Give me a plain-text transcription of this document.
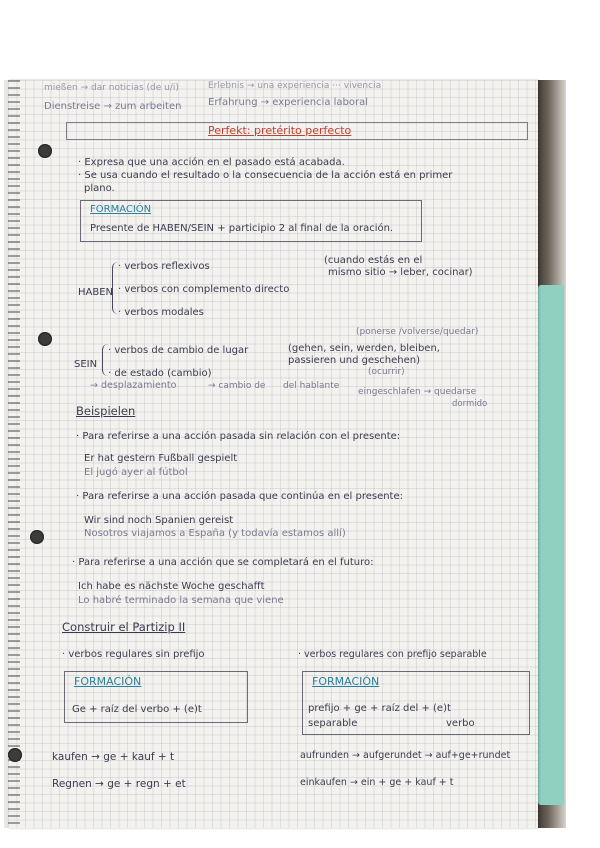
mießen → dar noticias (de u/i)	Erlebnis → una experiencia ··· vivencia
Dienstreise → zum arbeiten	Erfahrung → experiencia laboral
Perfekt: pretérito perfecto
· Expresa que una acción en el pasado está acabada.
· Se usa cuando el resultado o la consecuencia de la acción está en primer
plano.
FORMACIÓN
Presente de HABEN/SEIN + participio 2 al final de la oración.
HABEN
· verbos reflexivos
· verbos con complemento directo
· verbos modales
(cuando estás en el
mismo sitio → leber, cocinar)
(ponerse /volverse/quedar)
SEIN
· verbos de cambio de lugar
· de estado (cambio)
(gehen, sein, werden, bleiben,
passieren und geschehen)
(ocurrir)
→ desplazamiento	→ cambio de del hablante
eingeschlafen → quedarse
dormido
Beispielen
· Para referirse a una acción pasada sin relación con el presente:
Er hat gestern Fußball gespielt
El jugó ayer al fútbol
· Para referirse a una acción pasada que continúa en el presente:
Wir sind noch Spanien gereist
Nosotros viajamos a España (y todavía estamos allí)
· Para referirse a una acción que se completará en el futuro:
Ich habe es nächste Woche geschafft
Lo habré terminado la semana que viene
Construir el Partizip II
· verbos regulares sin prefijo	· verbos regulares con prefijo separable
FORMACIÓN
Ge + raíz del verbo + (e)t
FORMACIÓN
prefijo + ge + raíz del + (e)t
separable	verbo
kaufen → ge + kauf + t
Regnen → ge + regn + et
aufrunden → aufgerundet → auf+ge+rundet
einkaufen → ein + ge + kauf + t
